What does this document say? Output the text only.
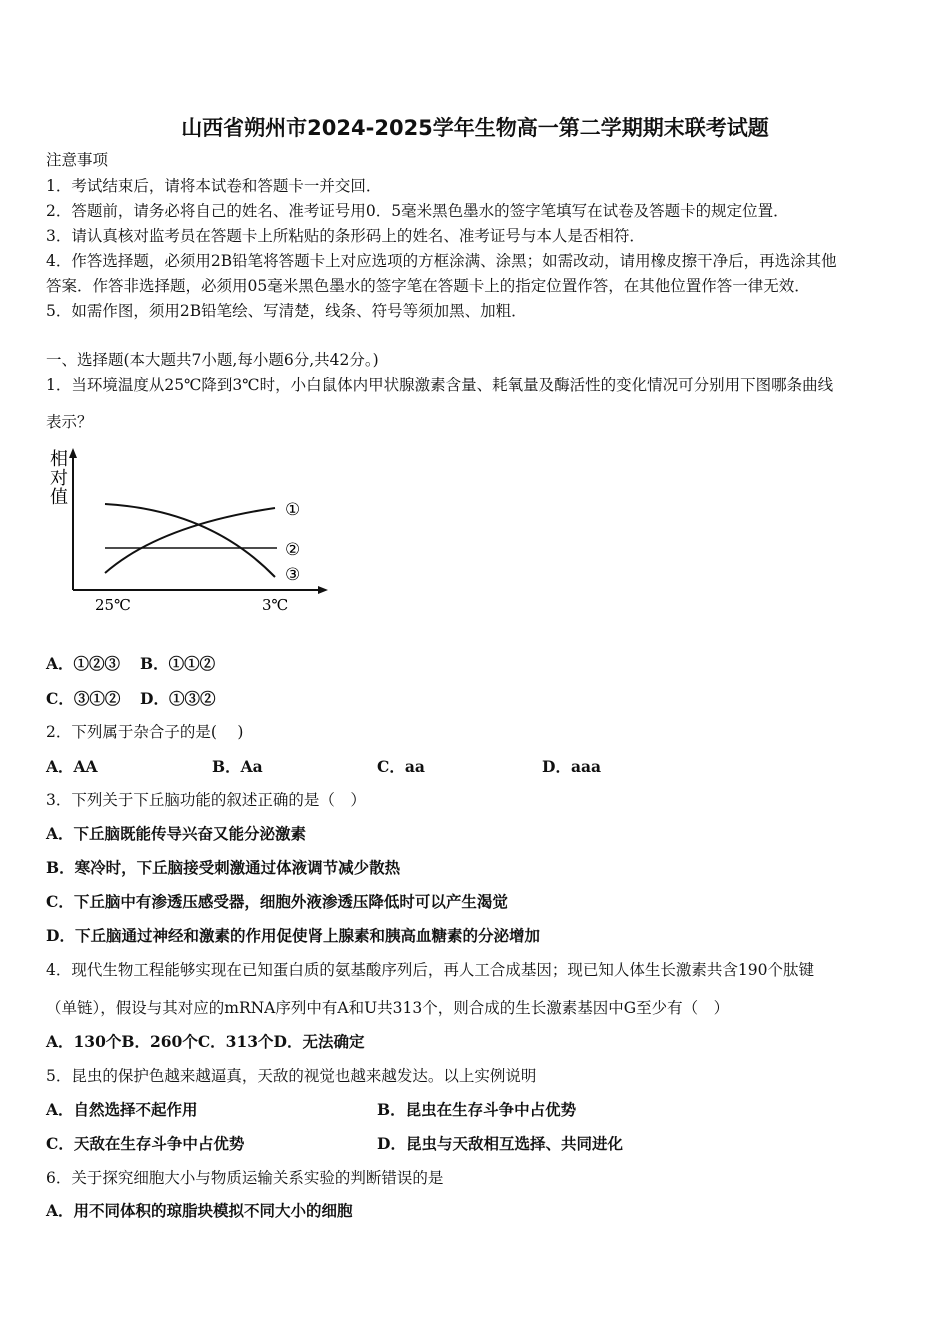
山西省朔州市2024-2025学年生物高一第二学期期末联考试题
注意事项
1．考试结束后，请将本试卷和答题卡一并交回．
2．答题前，请务必将自己的姓名、准考证号用0．5毫米黑色墨水的签字笔填写在试卷及答题卡的规定位置．
3．请认真核对监考员在答题卡上所粘贴的条形码上的姓名、准考证号与本人是否相符．
4．作答选择题，必须用2B铅笔将答题卡上对应选项的方框涂满、涂黑；如需改动，请用橡皮擦干净后，再选涂其他
答案．作答非选择题，必须用05毫米黑色墨水的签字笔在答题卡上的指定位置作答，在其他位置作答一律无效．
5．如需作图，须用2B铅笔绘、写清楚，线条、符号等须加黑、加粗．
一、选择题(本大题共7小题,每小题6分,共42分。)
1．当环境温度从25℃降到3℃时，小白鼠体内甲状腺激素含量、耗氧量及酶活性的变化情况可分别用下图哪条曲线
表示？
相对值
①
②
③
25℃	3℃
A．①②③ B．①①②
C．③①② D．①③②
2．下列属于杂合子的是(　 )
A．AA	B．Aa	C．aa	D．aaa
3．下列关于下丘脑功能的叙述正确的是（　）
A．下丘脑既能传导兴奋又能分泌激素
B．寒冷时，下丘脑接受刺激通过体液调节减少散热
C．下丘脑中有渗透压感受器，细胞外液渗透压降低时可以产生渴觉
D．下丘脑通过神经和激素的作用促使肾上腺素和胰高血糖素的分泌增加
4．现代生物工程能够实现在已知蛋白质的氨基酸序列后，再人工合成基因；现已知人体生长激素共含190个肽键
（单链），假设与其对应的mRNA序列中有A和U共313个，则合成的生长激素基因中G至少有（　）
A．130个B．260个C．313个D．无法确定
5．昆虫的保护色越来越逼真，天敌的视觉也越来越发达。以上实例说明
A．自然选择不起作用	B．昆虫在生存斗争中占优势
C．天敌在生存斗争中占优势	D．昆虫与天敌相互选择、共同进化
6．关于探究细胞大小与物质运输关系实验的判断错误的是
A．用不同体积的琼脂块模拟不同大小的细胞
